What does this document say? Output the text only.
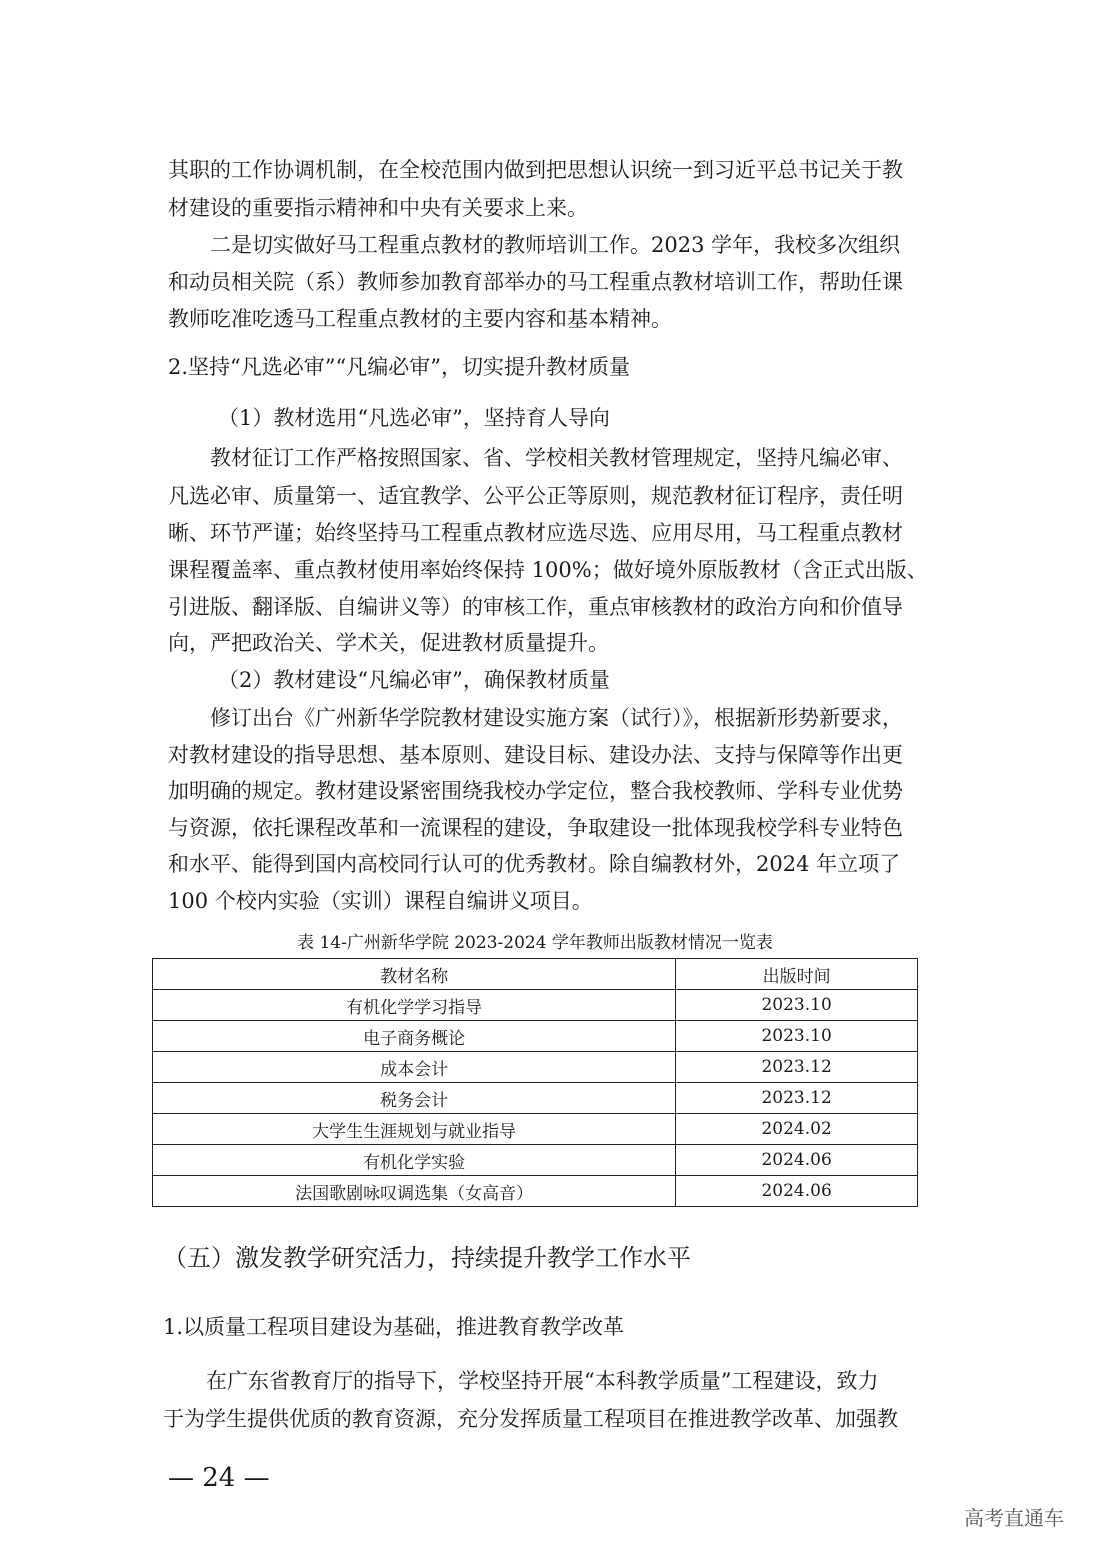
其职的工作协调机制，在全校范围内做到把思想认识统一到习近平总书记关于教

材建设的重要指示精神和中央有关要求上来。

二是切实做好马工程重点教材的教师培训工作。2023 学年，我校多次组织

和动员相关院（系）教师参加教育部举办的马工程重点教材培训工作，帮助任课

教师吃准吃透马工程重点教材的主要内容和基本精神。

2.坚持“凡选必审”“凡编必审”，切实提升教材质量

（1）教材选用“凡选必审”，坚持育人导向

教材征订工作严格按照国家、省、学校相关教材管理规定，坚持凡编必审、

凡选必审、质量第一、适宜教学、公平公正等原则，规范教材征订程序，责任明

晰、环节严谨；始终坚持马工程重点教材应选尽选、应用尽用，马工程重点教材

课程覆盖率、重点教材使用率始终保持 100%；做好境外原版教材（含正式出版、

引进版、翻译版、自编讲义等）的审核工作，重点审核教材的政治方向和价值导

向，严把政治关、学术关，促进教材质量提升。

（2）教材建设“凡编必审”，确保教材质量

修订出台《广州新华学院教材建设实施方案（试行）》，根据新形势新要求，

对教材建设的指导思想、基本原则、建设目标、建设办法、支持与保障等作出更

加明确的规定。教材建设紧密围绕我校办学定位，整合我校教师、学科专业优势

与资源，依托课程改革和一流课程的建设，争取建设一批体现我校学科专业特色

和水平、能得到国内高校同行认可的优秀教材。除自编教材外，2024 年立项了

100 个校内实验（实训）课程自编讲义项目。

表 14-广州新华学院 2023-2024 学年教师出版教材情况一览表

教材名称	出版时间
有机化学学习指导	2023.10
电子商务概论	2023.10
成本会计	2023.12
税务会计	2023.12
大学生生涯规划与就业指导	2024.02
有机化学实验	2024.06
法国歌剧咏叹调选集（女高音）	2024.06

（五）激发教学研究活力，持续提升教学工作水平

1.以质量工程项目建设为基础，推进教育教学改革

在广东省教育厅的指导下，学校坚持开展“本科教学质量”工程建设，致力

于为学生提供优质的教育资源，充分发挥质量工程项目在推进教学改革、加强教

— 24 —
高考直通车
